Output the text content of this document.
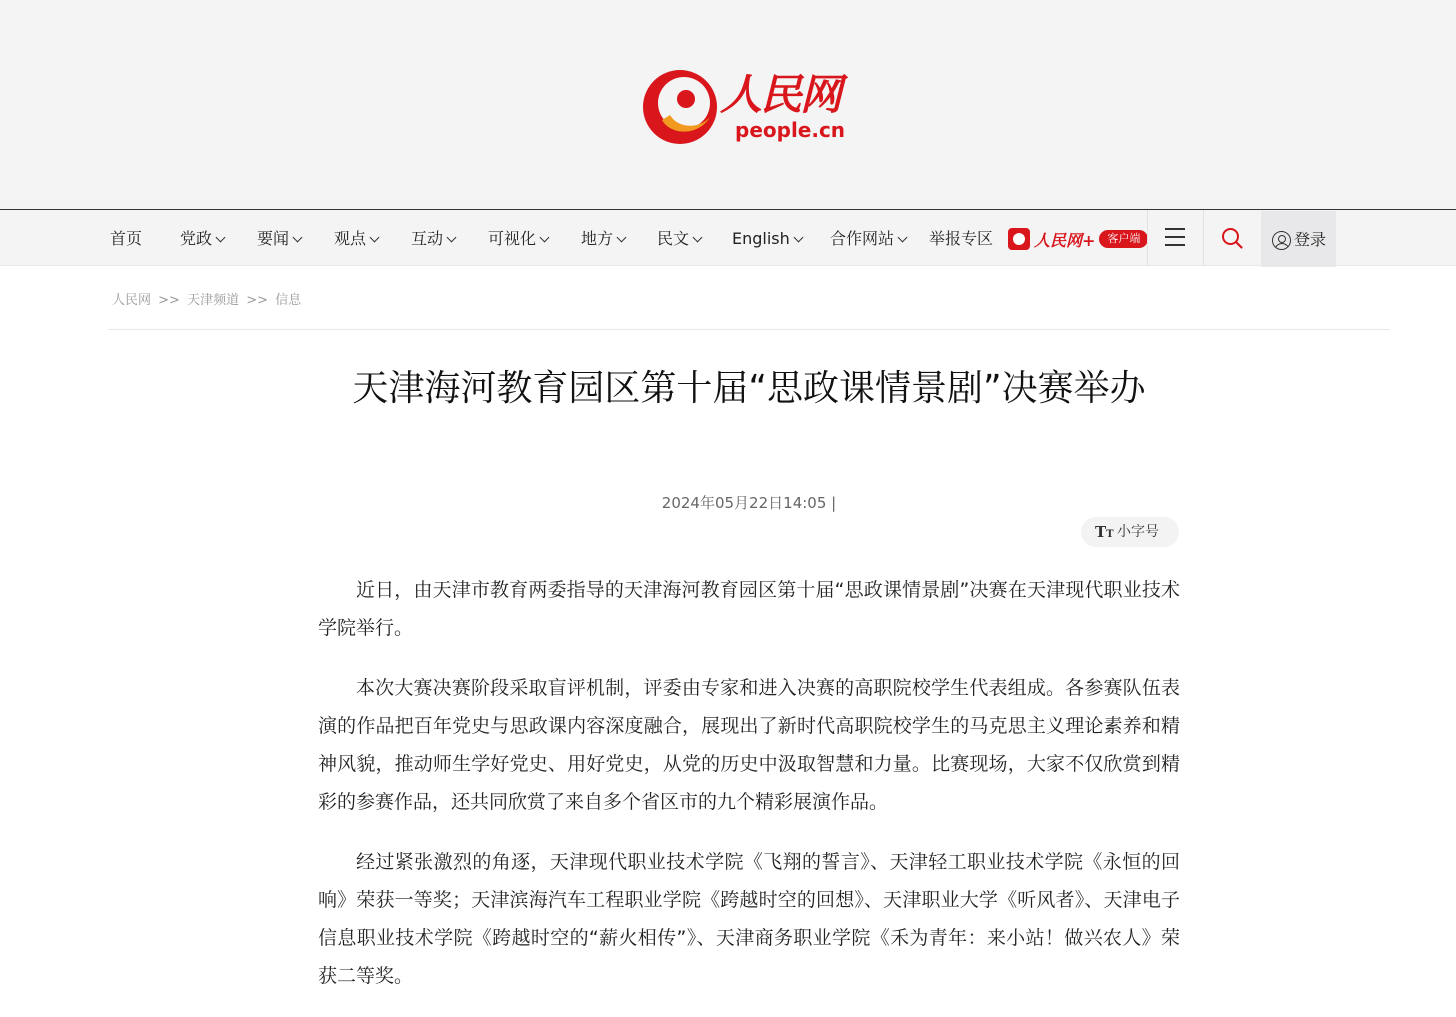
人民网
people.cn
首页 党政	要闻	观点	互动	可视化	地方	民文	English	合作网站	举报专区	人民网+	客户端	登录
人民网 >> 天津频道 >> 信息
天津海河教育园区第十届“思政课情景剧”决赛举办
2024年05月22日14:05 |
TT 小字号

近日，由天津市教育两委指导的天津海河教育园区第十届“思政课情景剧”决赛在天津现代职业技术学院举行。

本次大赛决赛阶段采取盲评机制，评委由专家和进入决赛的高职院校学生代表组成。各参赛队伍表演的作品把百年党史与思政课内容深度融合，展现出了新时代高职院校学生的马克思主义理论素养和精神风貌，推动师生学好党史、用好党史，从党的历史中汲取智慧和力量。比赛现场，大家不仅欣赏到精彩的参赛作品，还共同欣赏了来自多个省区市的九个精彩展演作品。

经过紧张激烈的角逐，天津现代职业技术学院《飞翔的誓言》、天津轻工职业技术学院《永恒的回响》荣获一等奖；天津滨海汽车工程职业学院《跨越时空的回想》、天津职业大学《听风者》、天津电子信息职业技术学院《跨越时空的“薪火相传”》、天津商务职业学院《禾为青年：来小站！做兴农人》荣获二等奖。
